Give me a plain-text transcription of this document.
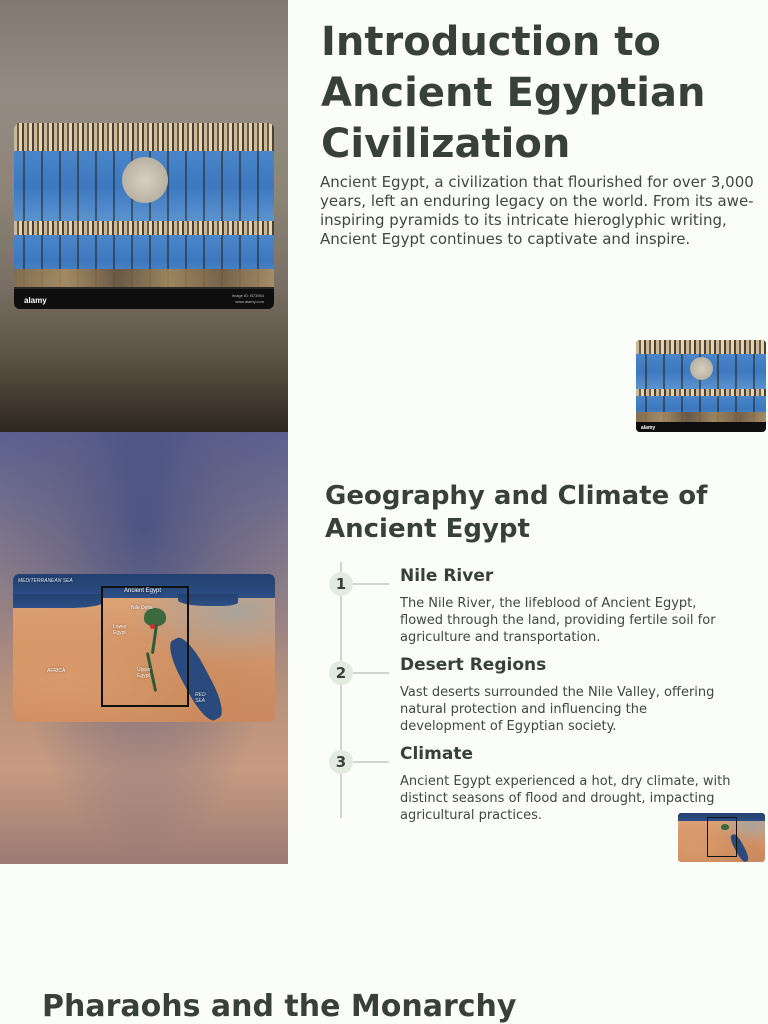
alamy
Image ID: B73954
www.alamy.com
Introduction to Ancient Egyptian Civilization

Ancient Egypt, a civilization that flourished for over 3,000 years, left an enduring legacy on the world. From its awe-inspiring pyramids to its intricate hieroglyphic writing, Ancient Egypt continues to captivate and inspire.

alamy
Ancient Egypt
Nile Delta
Lower
Egypt
Upper
Egypt
MEDITERRANEAN SEA
AFRICA
RED
SEA
Geography and Climate of Ancient Egypt
1	Nile River

The Nile River, the lifeblood of Ancient Egypt, flowed through the land, providing fertile soil for agriculture and transportation.

2	Desert Regions

Vast deserts surrounded the Nile Valley, offering natural protection and influencing the development of Egyptian society.

3	Climate

Ancient Egypt experienced a hot, dry climate, with distinct seasons of flood and drought, impacting agricultural practices.

Pharaohs and the Monarchy
